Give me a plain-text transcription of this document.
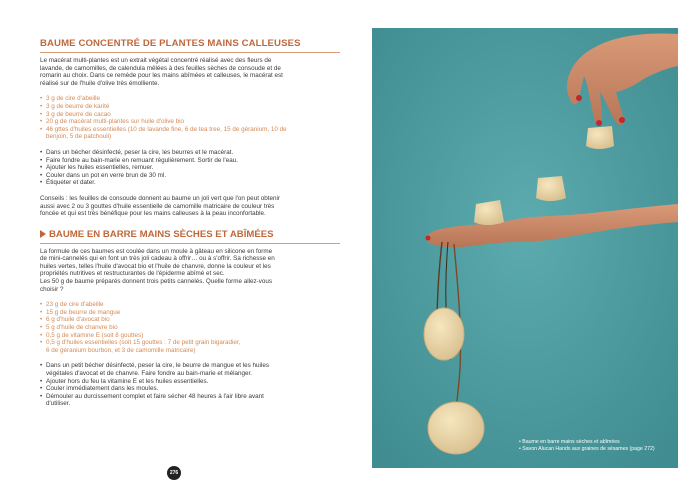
BAUME CONCENTRÉ DE PLANTES MAINS CALLEUSES

Le macérat multi-plantes est un extrait végétal concentré réalisé avec des fleurs de

lavande, de camomilles, de calendula mêlées à des feuilles sèches de consoude et de

romarin au choix. Dans ce remède pour les mains abîmées et calleuses, le macérat est

réalisé sur de l'huile d'olive très émolliente.

• 3 g de cire d'abeille
• 3 g de beurre de karité
• 3 g de beurre de cacao
• 20 g de macérat multi-plantes sur huile d'olive bio
• 46 gttes d'huiles essentielles (10 de lavande fine, 6 de tea tree, 15 de géranium, 10 de

benjoin, 5 de patchouli)

• Dans un bécher désinfecté, peser la cire, les beurres et le macérat.
• Faire fondre au bain-marie en remuant régulièrement. Sortir de l'eau.
• Ajouter les huiles essentielles, remuer.
• Couler dans un pot en verre brun de 30 ml.
• Étiqueter et dater.

Conseils : les feuilles de consoude donnent au baume un joli vert que l'on peut obtenir

aussi avec 2 ou 3 gouttes d'huile essentielle de camomille matricaire de couleur très

foncée et qui est très bénéfique pour les mains calleuses à la peau inconfortable.

BAUME EN BARRE MAINS SÈCHES ET ABÎMÉES

La formule de ces baumes est coulée dans un moule à gâteau en silicone en forme

de mini-cannelés qui en font un très joli cadeau à offrir… ou à s'offrir. Sa richesse en

huiles vertes, telles l'huile d'avocat bio et l'huile de chanvre, donne la couleur et les

propriétés nutritives et restructurantes de l'épiderme abîmé et sec.

Les 50 g de baume préparés donnent trois petits cannelés. Quelle forme allez-vous

choisir ?

• 23 g de cire d'abeille
• 15 g de beurre de mangue
• 6 g d'huile d'avocat bio
• 5 g d'huile de chanvre bio
• 0,5 g de vitamine E (soit 8 gouttes)
• 0,5 g d'huiles essentielles (soit 15 gouttes : 7 de petit grain bigaradier,

6 de géranium bourbon, et 3 de camomille matricaire)

• Dans un petit bécher désinfecté, peser la cire, le beurre de mangue et les huiles

végétales d'avocat et de chanvre. Faire fondre au bain-marie et mélanger.

• Ajouter hors du feu la vitamine E et les huiles essentielles.
• Couler immédiatement dans les moules.
• Démouler au durcissement complet et faire sécher 48 heures à l'air libre avant

d'utiliser.

276
• Baume en barre mains sèches et abîmées
• Savon Alucan Hands aux graines de sésames (page 272)
